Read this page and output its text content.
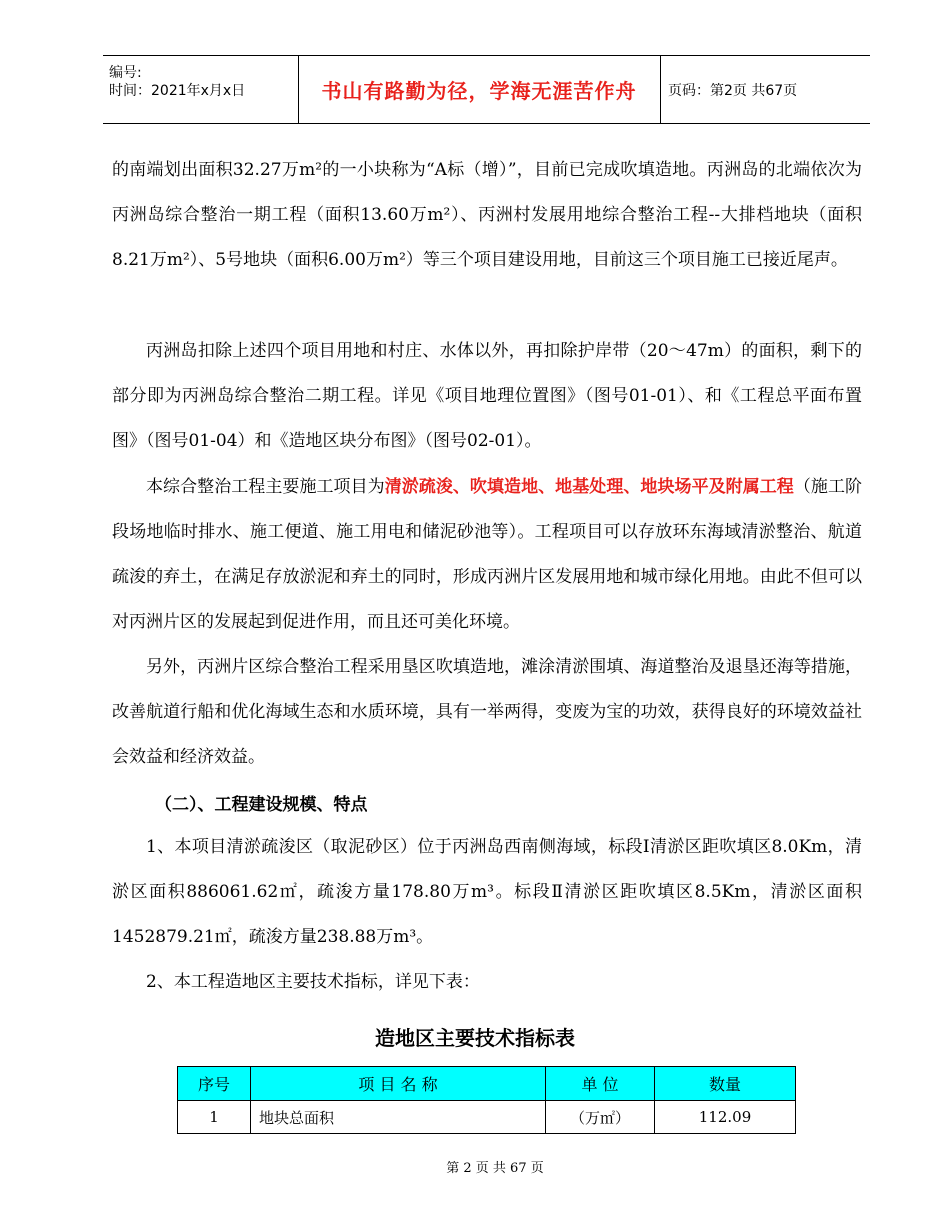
编号:
时间：2021年x月x日	书山有路勤为径，学海无涯苦作舟	页码：第2页 共67页

的南端划出面积32.27万m²的一小块称为“A标（增）”，目前已完成吹填造地。丙洲岛的北端依次为丙洲岛综合整治一期工程（面积13.60万m²）、丙洲村发展用地综合整治工程--大排档地块（面积8.21万m²）、5号地块（面积6.00万m²）等三个项目建设用地，目前这三个项目施工已接近尾声。

丙洲岛扣除上述四个项目用地和村庄、水体以外，再扣除护岸带（20～47m）的面积，剩下的部分即为丙洲岛综合整治二期工程。详见《项目地理位置图》（图号01-01）、和《工程总平面布置图》（图号01-04）和《造地区块分布图》（图号02-01）。

本综合整治工程主要施工项目为清淤疏浚、吹填造地、地基处理、地块场平及附属工程（施工阶段场地临时排水、施工便道、施工用电和储泥砂池等）。工程项目可以存放环东海域清淤整治、航道疏浚的弃土，在满足存放淤泥和弃土的同时，形成丙洲片区发展用地和城市绿化用地。由此不但可以对丙洲片区的发展起到促进作用，而且还可美化环境。

另外，丙洲片区综合整治工程采用垦区吹填造地，滩涂清淤围填、海道整治及退垦还海等措施，改善航道行船和优化海域生态和水质环境，具有一举两得，变废为宝的功效，获得良好的环境效益社会效益和经济效益。

（二）、工程建设规模、特点

1、本项目清淤疏浚区（取泥砂区）位于丙洲岛西南侧海域，标段Ⅰ清淤区距吹填区8.0Km，清淤区面积886061.62㎡，疏浚方量178.80万m³。标段Ⅱ清淤区距吹填区8.5Km，清淤区面积1452879.21㎡，疏浚方量238.88万m³。

2、本工程造地区主要技术指标，详见下表：

造地区主要技术指标表
序号	项 目 名 称	单 位	数量
1	地块总面积	（万㎡）	112.09
第 2 页 共 67 页
